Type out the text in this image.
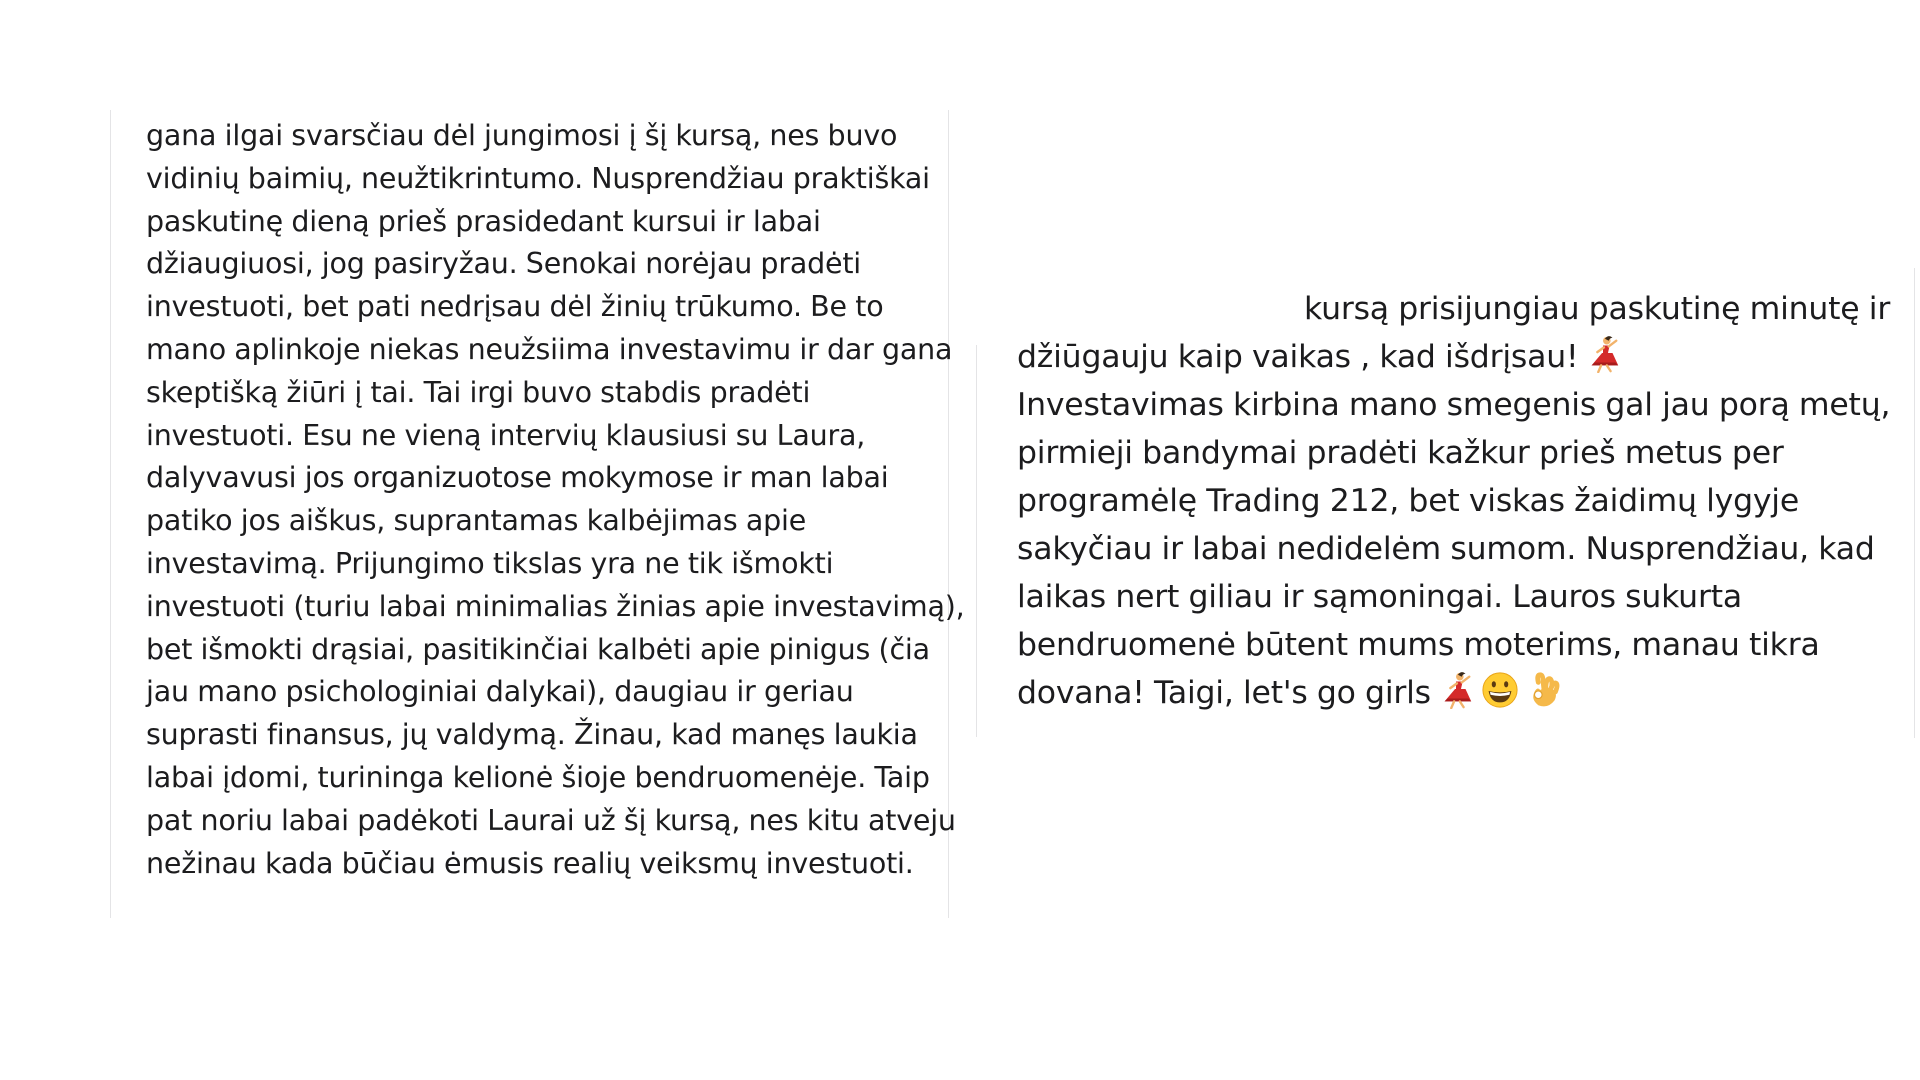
gana ilgai svarsčiau dėl jungimosi į šį kursą, nes buvo

vidinių baimių, neužtikrintumo. Nusprendžiau praktiškai

paskutinę dieną prieš prasidedant kursui ir labai

džiaugiuosi, jog pasiryžau. Senokai norėjau pradėti

investuoti, bet pati nedrįsau dėl žinių trūkumo. Be to

mano aplinkoje niekas neužsiima investavimu ir dar gana

skeptišką žiūri į tai. Tai irgi buvo stabdis pradėti

investuoti. Esu ne vieną intervių klausiusi su Laura,

dalyvavusi jos organizuotose mokymose ir man labai

patiko jos aiškus, suprantamas kalbėjimas apie

investavimą. Prijungimo tikslas yra ne tik išmokti

investuoti (turiu labai minimalias žinias apie investavimą),

bet išmokti drąsiai, pasitikinčiai kalbėti apie pinigus (čia

jau mano psichologiniai dalykai), daugiau ir geriau

suprasti finansus, jų valdymą. Žinau, kad manęs laukia

labai įdomi, turininga kelionė šioje bendruomenėje. Taip

pat noriu labai padėkoti Laurai už šį kursą, nes kitu atveju

nežinau kada būčiau ėmusis realių veiksmų investuoti.

kursą prisijungiau paskutinę minutę ir

džiūgauju kaip vaikas , kad išdrįsau!

Investavimas kirbina mano smegenis gal jau porą metų,

pirmieji bandymai pradėti kažkur prieš metus per

programėlę Trading 212, bet viskas žaidimų lygyje

sakyčiau ir labai nedidelėm sumom. Nusprendžiau, kad

laikas nert giliau ir sąmoningai. Lauros sukurta

bendruomenė būtent mums moterims, manau tikra

dovana! Taigi, let's go girls
